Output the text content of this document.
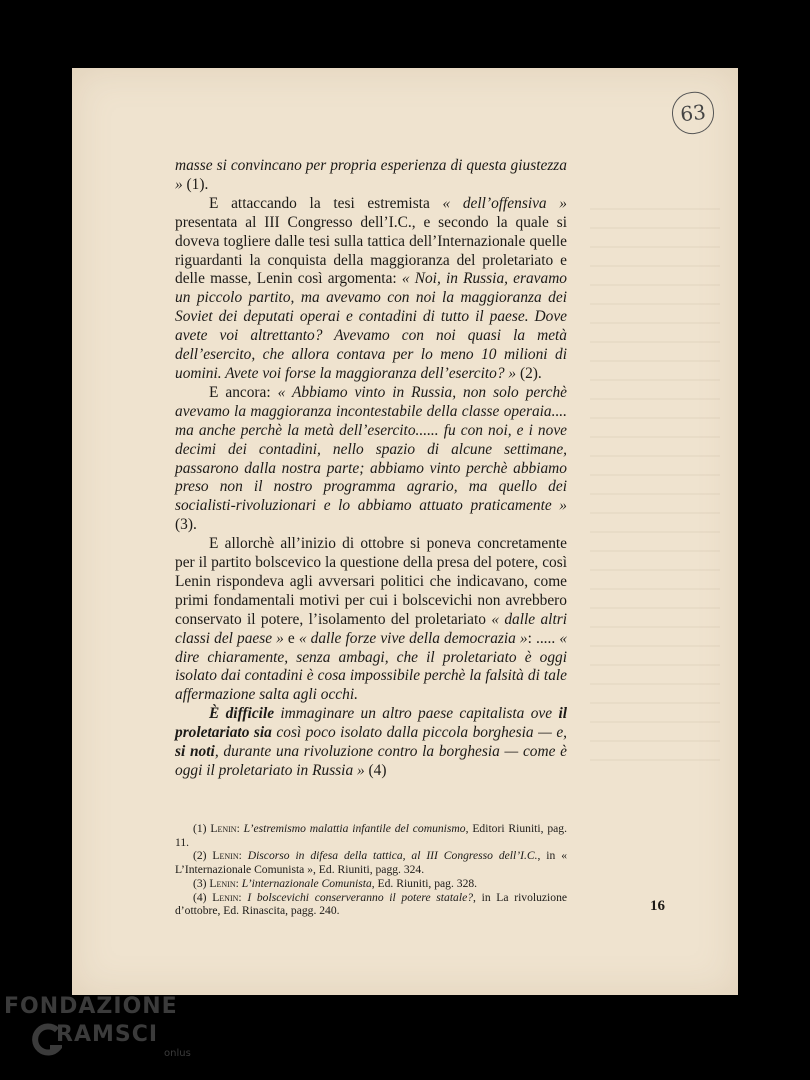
63

masse si convincano per propria esperienza di questa giustezza » (1).

E attaccando la tesi estremista « dell’offensiva » presentata al III Congresso dell’I.C., e secondo la quale si doveva togliere dalle tesi sulla tattica dell’Internazionale quelle riguardanti la conquista della maggioranza del proletariato e delle masse, Lenin così argomenta: « Noi, in Russia, eravamo un piccolo partito, ma avevamo con noi la maggioranza dei Soviet dei deputati operai e contadini di tutto il paese. Dove avete voi altrettanto? Avevamo con noi quasi la metà dell’esercito, che allora contava per lo meno 10 milioni di uomini. Avete voi forse la maggioranza dell’esercito? » (2).

E ancora: « Abbiamo vinto in Russia, non solo perchè avevamo la maggioranza incontestabile della classe operaia.... ma anche perchè la metà dell’esercito...... fu con noi, e i nove decimi dei contadini, nello spazio di alcune settimane, passarono dalla nostra parte; abbiamo vinto perchè abbiamo preso non il nostro programma agrario, ma quello dei socialisti-rivoluzionari e lo abbiamo attuato praticamente » (3).

E allorchè all’inizio di ottobre si poneva concretamente per il partito bolscevico la questione della presa del potere, così Lenin rispondeva agli avversari politici che indicavano, come primi fondamentali motivi per cui i bolscevichi non avrebbero conservato il potere, l’isolamento del proletariato « dalle altri classi del paese » e « dalle forze vive della democrazia »: ..... « dire chiaramente, senza ambagi, che il proletariato è oggi isolato dai contadini è cosa impossibile perchè la falsità di tale affermazione salta agli occhi.

È difficile immaginare un altro paese capitalista ove il proletariato sia così poco isolato dalla piccola borghesia — e, si noti, durante una rivoluzione contro la borghesia — come è oggi il proletariato in Russia » (4)

(1) Lenin: L’estremismo malattia infantile del comunismo, Editori Riuniti, pag. 11.

(2) Lenin: Discorso in difesa della tattica, al III Congresso dell’I.C., in « L’Internazionale Comunista », Ed. Riuniti, pagg. 324.

(3) Lenin: L’internazionale Comunista, Ed. Riuniti, pag. 328.

(4) Lenin: I bolscevichi conserveranno il potere statale?, in La rivoluzione d’ottobre, Ed. Rinascita, pagg. 240.	16
FONDAZIONE
RAMSCI
onlus
